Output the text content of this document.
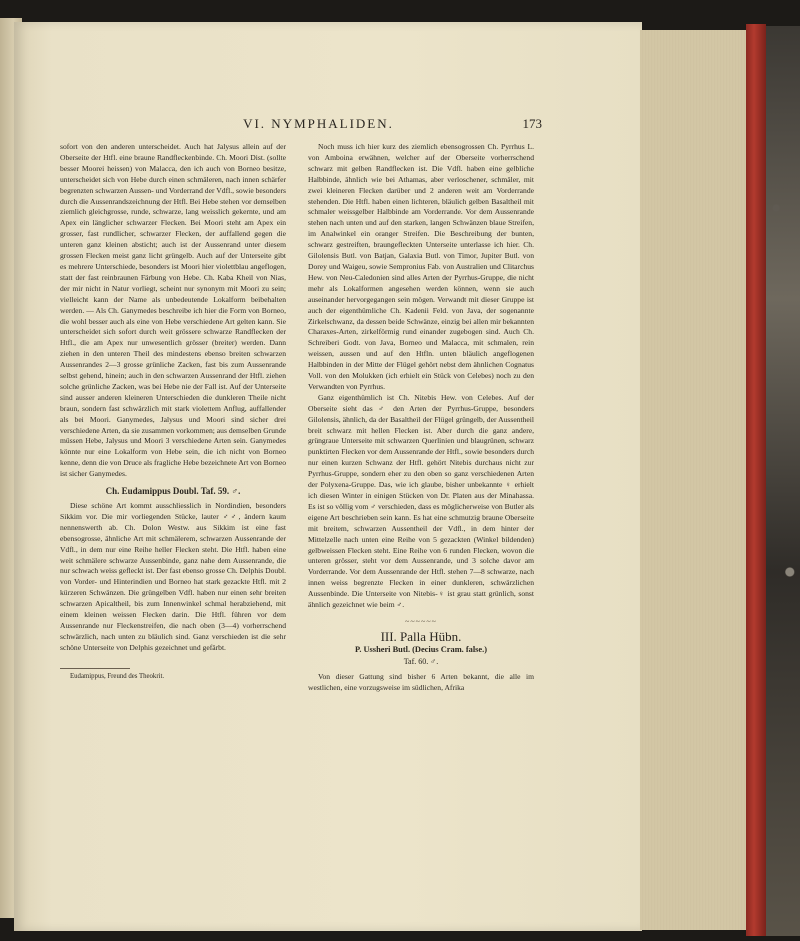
VI. NYMPHALIDEN.	173

sofort von den anderen unterscheidet. Auch hat Jalysus allein auf der Oberseite der Htfl. eine braune Randfleckenbinde. Ch. Moori Dist. (sollte besser Moorei heissen) von Malacca, den ich auch von Borneo besitze, unterscheidet sich von Hebe durch einen schmäleren, nach innen schärfer begrenzten schwarzen Aussen- und Vorderrand der Vdfl., sowie besonders durch die Aussenrandszeichnung der Htfl. Bei Hebe stehen vor demselben ziemlich gleichgrosse, runde, schwarze, lang weisslich gekernte, und am Apex ein länglicher schwarzer Flecken. Bei Moori steht am Apex ein grosser, fast rundlicher, schwarzer Flecken, der auffallend gegen die unteren ganz kleinen absticht; auch ist der Aussenrand unter diesem grossen Flecken meist ganz licht grüngelb. Auch auf der Unterseite gibt es mehrere Unterschiede, besonders ist Moori hier violettblau angeflogen, statt der fast reinbraunen Färbung von Hebe. Ch. Kaba Kheil von Nias, der mir nicht in Natur vorliegt, scheint nur synonym mit Moori zu sein; vielleicht kann der Name als unbedeutende Lokalform beibehalten werden. — Als Ch. Ganymedes beschreibe ich hier die Form von Borneo, die wohl besser auch als eine von Hebe verschiedene Art gelten kann. Sie unterscheidet sich sofort durch weit grössere schwarze Randflecken der Htfl., die am Apex nur unwesentlich grösser (breiter) werden. Dann ziehen in den unteren Theil des mindestens ebenso breiten schwarzen Aussenrandes 2—3 grosse grünliche Zacken, fast bis zum Aussenrande selbst gehend, hinein; auch in den schwarzen Aussenrand der Htfl. ziehen solche grünliche Zacken, was bei Hebe nie der Fall ist. Auf der Unterseite sind ausser anderen kleineren Unterschieden die dunkleren Theile nicht braun, sondern fast schwärzlich mit stark violettem Anflug, auffallender als bei Moori. Ganymedes, Jalysus und Moori sind sicher drei verschiedene Arten, da sie zusammen vorkommen; aus demselben Grunde müssen Hebe, Jalysus und Moori 3 verschiedene Arten sein. Ganymedes könnte nur eine Lokalform von Hebe sein, die ich nicht von Borneo kenne, denn die von Druce als fragliche Hebe bezeichnete Art von Borneo ist sicher Ganymedes.

Ch. Eudamippus Doubl. Taf. 59. ♂.

Diese schöne Art kommt ausschliesslich in Nordindien, besonders Sikkim vor. Die mir vorliegenden Stücke, lauter ♂♂, ändern kaum nennenswerth ab. Ch. Dolon Westw. aus Sikkim ist eine fast ebensogrosse, ähnliche Art mit schmälerem, schwarzen Aussenrande der Vdfl., in dem nur eine Reihe heller Flecken steht. Die Htfl. haben eine weit schmälere schwarze Aussenbinde, ganz nahe dem Aussenrande, die nur schwach weiss gefleckt ist. Der fast ebenso grosse Ch. Delphis Doubl. von Vorder- und Hinterindien und Borneo hat stark gezackte Htfl. mit 2 kürzeren Schwänzen. Die grüngelben Vdfl. haben nur einen sehr breiten schwarzen Apicaltheil, bis zum Innenwinkel schmal herabziehend, mit einem kleinen weissen Flecken darin. Die Htfl. führen vor dem Aussenrande nur Fleckenstreifen, die nach oben (3—4) vorherrschend schwärzlich, nach unten zu bläulich sind. Ganz verschieden ist die sehr schöne Unterseite von Delphis gezeichnet und gefärbt.

Eudamippus, Freund des Theokrit.

Noch muss ich hier kurz des ziemlich ebensogrossen Ch. Pyrrhus L. von Amboina erwähnen, welcher auf der Oberseite vorherrschend schwarz mit gelben Randflecken ist. Die Vdfl. haben eine gelbliche Halbbinde, ähnlich wie bei Athamas, aber verloschener, schmäler, mit zwei kleineren Flecken darüber und 2 anderen weit am Vorderrande stehenden. Die Htfl. haben einen lichteren, bläulich gelben Basaltheil mit schmaler weissgelber Halbbinde am Vorderrande. Vor dem Aussenrande stehen nach unten und auf den starken, langen Schwänzen blaue Streifen, im Analwinkel ein oranger Streifen. Die Beschreibung der bunten, schwarz gestreiften, braungefleckten Unterseite unterlasse ich hier. Ch. Gilolensis Butl. von Batjan, Galaxia Butl. von Timor, Jupiter Butl. von Dorey und Waigeu, sowie Sempronius Fab. von Australien und Clitarchus Hew. von Neu-Caledonien sind alles Arten der Pyrrhus-Gruppe, die nicht mehr als Lokalformen angesehen werden können, wenn sie auch auseinander hervorgegangen sein mögen. Verwandt mit dieser Gruppe ist auch der eigenthümliche Ch. Kadenii Feld. von Java, der sogenannte Zirkelschwanz, da dessen beide Schwänze, einzig bei allen mir bekannten Charaxes-Arten, zirkelförmig rund einander zugebogen sind. Auch Ch. Schreiberi Godt. von Java, Borneo und Malacca, mit schmalen, rein weissen, aussen und auf den Htfln. unten bläulich angeflogenen Halbbinden in der Mitte der Flügel gehört nebst dem ähnlichen Cognatus Voll. von den Molukken (ich erhielt ein Stück von Celebes) noch zu den Verwandten von Pyrrhus.

Ganz eigenthümlich ist Ch. Nitebis Hew. von Celebes. Auf der Oberseite sieht das ♂ den Arten der Pyrrhus-Gruppe, besonders Gilolensis, ähnlich, da der Basaltheil der Flügel grüngelb, der Aussentheil breit schwarz mit hellen Flecken ist. Aber durch die ganz andere, grüngraue Unterseite mit schwarzen Querlinien und blaugrünen, schwarz punktirten Flecken vor dem Aussenrande der Htfl., sowie besonders durch nur einen kurzen Schwanz der Htfl. gehört Nitebis durchaus nicht zur Pyrrhus-Gruppe, sondern eher zu den oben so ganz verschiedenen Arten der Polyxena-Gruppe. Das, wie ich glaube, bisher unbekannte ♀ erhielt ich diesen Winter in einigen Stücken von Dr. Platen aus der Minahassa. Es ist so völlig vom ♂ verschieden, dass es möglicherweise von Butler als eigene Art beschrieben sein kann. Es hat eine schmutzig braune Oberseite mit breitem, schwarzen Aussentheil der Vdfl., in dem hinter der Mittelzelle nach unten eine Reihe von 5 gezackten (Winkel bildenden) gelbweissen Flecken steht. Eine Reihe von 6 runden Flecken, wovon die unteren grösser, steht vor dem Aussenrande, und 3 solche davor am Vorderrande. Vor dem Aussenrande der Htfl. stehen 7—8 schwarze, nach innen weiss begrenzte Flecken in einer dunkleren, schwärzlichen Aussenbinde. Die Unterseite von Nitebis-♀ ist grau statt grünlich, sonst ähnlich gezeichnet wie beim ♂.

~~~~~~
III. Palla Hübn.
P. Ussheri Butl. (Decius Cram. false.)
Taf. 60. ♂.

Von dieser Gattung sind bisher 6 Arten bekannt, die alle im westlichen, eine vorzugsweise im südlichen, Afrika
